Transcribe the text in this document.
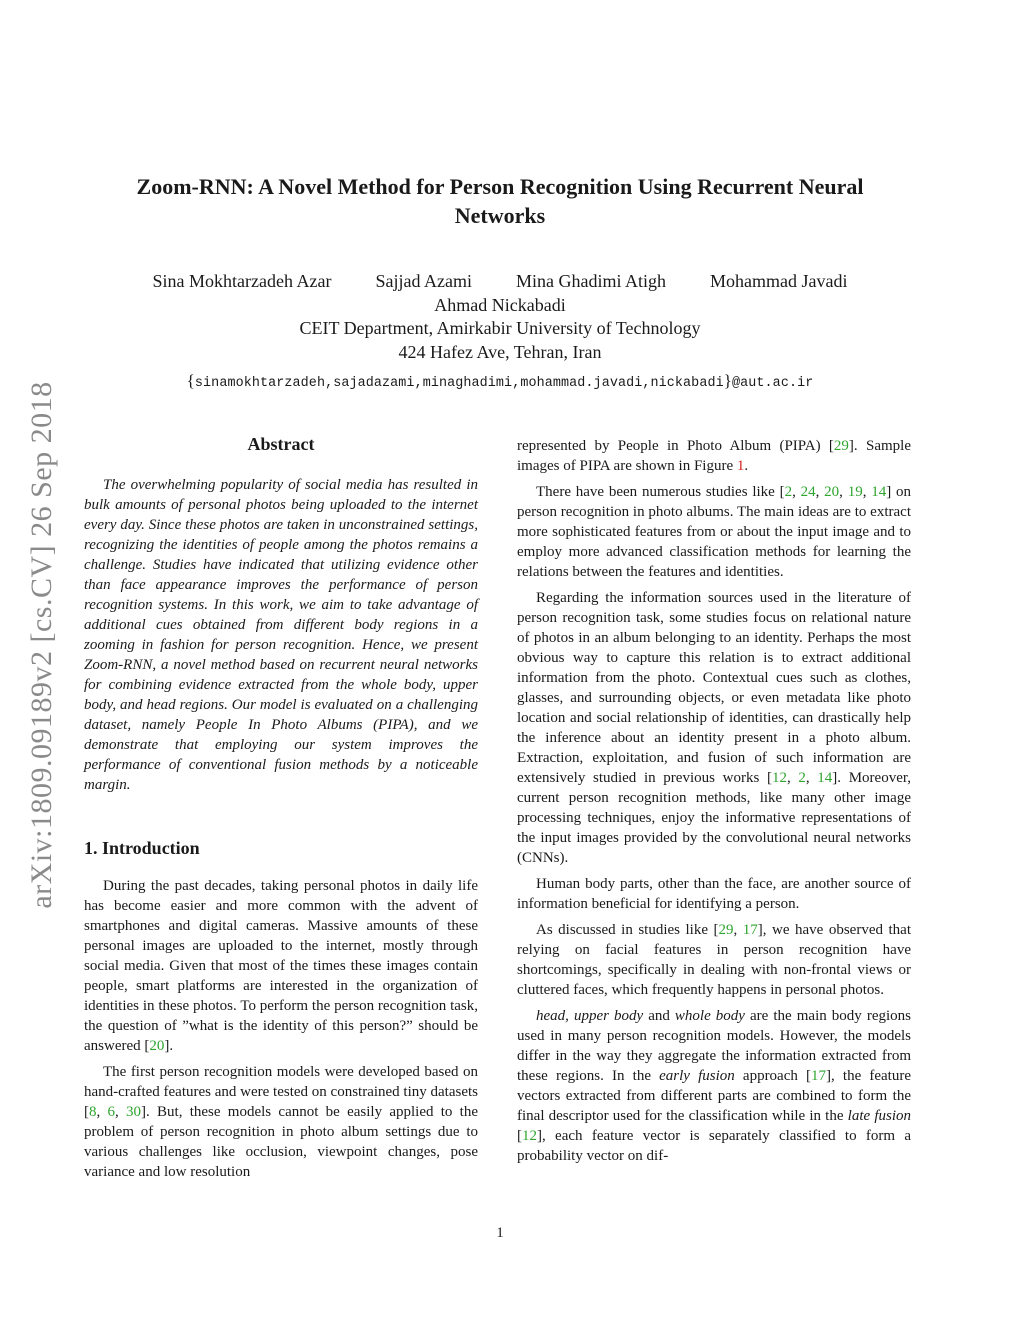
arXiv:1809.09189v2 [cs.CV] 26 Sep 2018
Zoom-RNN: A Novel Method for Person Recognition Using Recurrent Neural
Networks
Sina Mokhtarzadeh Azar Sajjad Azami Mina Ghadimi Atigh Mohammad Javadi
Ahmad Nickabadi
CEIT Department, Amirkabir University of Technology
424 Hafez Ave, Tehran, Iran
{sinamokhtarzadeh,sajadazami,minaghadimi,mohammad.javadi,nickabadi}@aut.ac.ir
Abstract

The overwhelming popularity of social media has resulted in bulk amounts of personal photos being uploaded to the internet every day. Since these photos are taken in unconstrained settings, recognizing the identities of people among the photos remains a challenge. Studies have indicated that utilizing evidence other than face appearance improves the performance of person recognition systems. In this work, we aim to take advantage of additional cues obtained from different body regions in a zooming in fashion for person recognition. Hence, we present Zoom-RNN, a novel method based on recurrent neural networks for combining evidence extracted from the whole body, upper body, and head regions. Our model is evaluated on a challenging dataset, namely People In Photo Albums (PIPA), and we demonstrate that employing our system improves the performance of conventional fusion methods by a noticeable margin.

1. Introduction

During the past decades, taking personal photos in daily life has become easier and more common with the advent of smartphones and digital cameras. Massive amounts of these personal images are uploaded to the internet, mostly through social media. Given that most of the times these images contain people, smart platforms are interested in the organization of identities in these photos. To perform the person recognition task, the question of ”what is the identity of this person?” should be answered [20].

The first person recognition models were developed based on hand-crafted features and were tested on constrained tiny datasets [8, 6, 30]. But, these models cannot be easily applied to the problem of person recognition in photo album settings due to various challenges like occlusion, viewpoint changes, pose variance and low resolution

represented by People in Photo Album (PIPA) [29]. Sample images of PIPA are shown in Figure 1.

There have been numerous studies like [2, 24, 20, 19, 14] on person recognition in photo albums. The main ideas are to extract more sophisticated features from or about the input image and to employ more advanced classification methods for learning the relations between the features and identities.

Regarding the information sources used in the literature of person recognition task, some studies focus on relational nature of photos in an album belonging to an identity. Perhaps the most obvious way to capture this relation is to extract additional information from the photo. Contextual cues such as clothes, glasses, and surrounding objects, or even metadata like photo location and social relationship of identities, can drastically help the inference about an identity present in a photo album. Extraction, exploitation, and fusion of such information are extensively studied in previous works [12, 2, 14]. Moreover, current person recognition methods, like many other image processing techniques, enjoy the informative representations of the input images provided by the convolutional neural networks (CNNs).

Human body parts, other than the face, are another source of information beneficial for identifying a person.

As discussed in studies like [29, 17], we have observed that relying on facial features in person recognition have shortcomings, specifically in dealing with non-frontal views or cluttered faces, which frequently happens in personal photos.

head, upper body and whole body are the main body regions used in many person recognition models. However, the models differ in the way they aggregate the information extracted from these regions. In the early fusion approach [17], the feature vectors extracted from different parts are combined to form the final descriptor used for the classification while in the late fusion [12], each feature vector is separately classified to form a probability vector on dif-

1
